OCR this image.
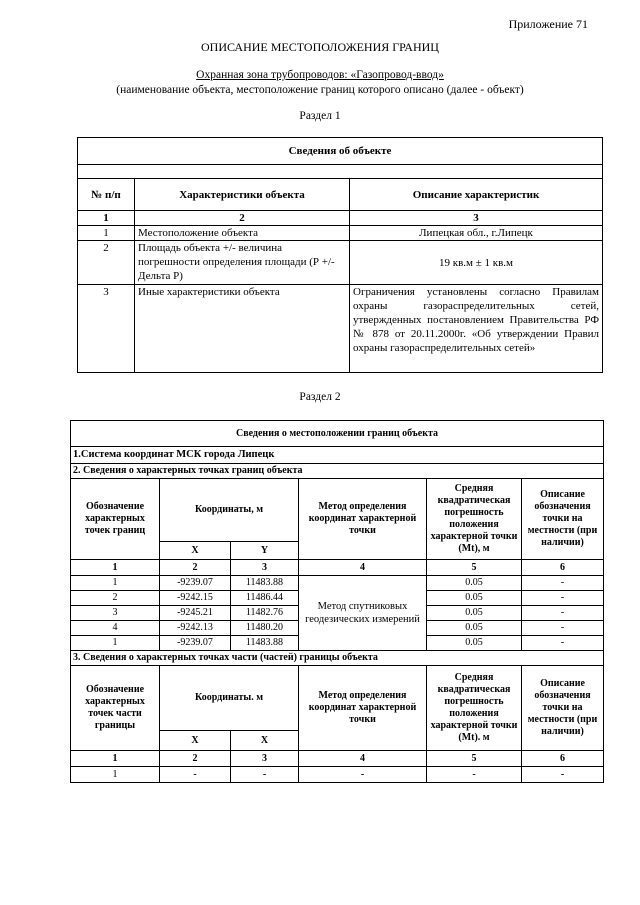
Приложение 71
ОПИСАНИЕ МЕСТОПОЛОЖЕНИЯ ГРАНИЦ
Охранная зона трубопроводов: «Газопровод-ввод»
(наименование объекта, местоположение границ которого описано (далее - объект)
Раздел 1
Сведения об объекте		

№ п/п	Характеристики объекта	Описание характеристик
1	2	3
1	Местоположение объекта	Липецкая обл., г.Липецк
2	Площадь объекта +/- величина погрешности определения площади (Р +/- Дельта Р)	19 кв.м ± 1 кв.м
3	Иные характеристики объекта	Ограничения установлены согласно Правилам охраны газораспределительных сетей, утвержденных постановлением Правительства РФ № 878 от 20.11.2000г. «Об утверждении Правил охраны газораспределительных сетей»
Раздел 2
Сведения о местоположении границ объекта					
1.Система координат МСК города Липецк					
2. Сведения о характерных точках границ объекта					
Обозначение характерных точек границ	Координаты, м		Метод определения координат характерной точки	Средняя квадратическая погрешность положения характерной точки (Mt), м	Описание обозначения точки на местности (при наличии)
	X	Y			
1	2	3	4	5	6
1	-9239.07	11483.88	Метод спутниковых геодезических измерений	0.05	-
2	-9242.15	11486.44		0.05	-
3	-9245.21	11482.76		0.05	-
4	-9242.13	11480.20		0.05	-
1	-9239.07	11483.88		0.05	-
3. Сведения о характерных точках части (частей) границы объекта					
Обозначение характерных точек части границы	Координаты. м		Метод определения координат характерной точки	Средняя квадратическая погрешность положения характерной точки (Mt). м	Описание обозначения точки на местности (при наличии)
	X	X			
1	2	3	4	5	6
1	-	-	-	-	-
